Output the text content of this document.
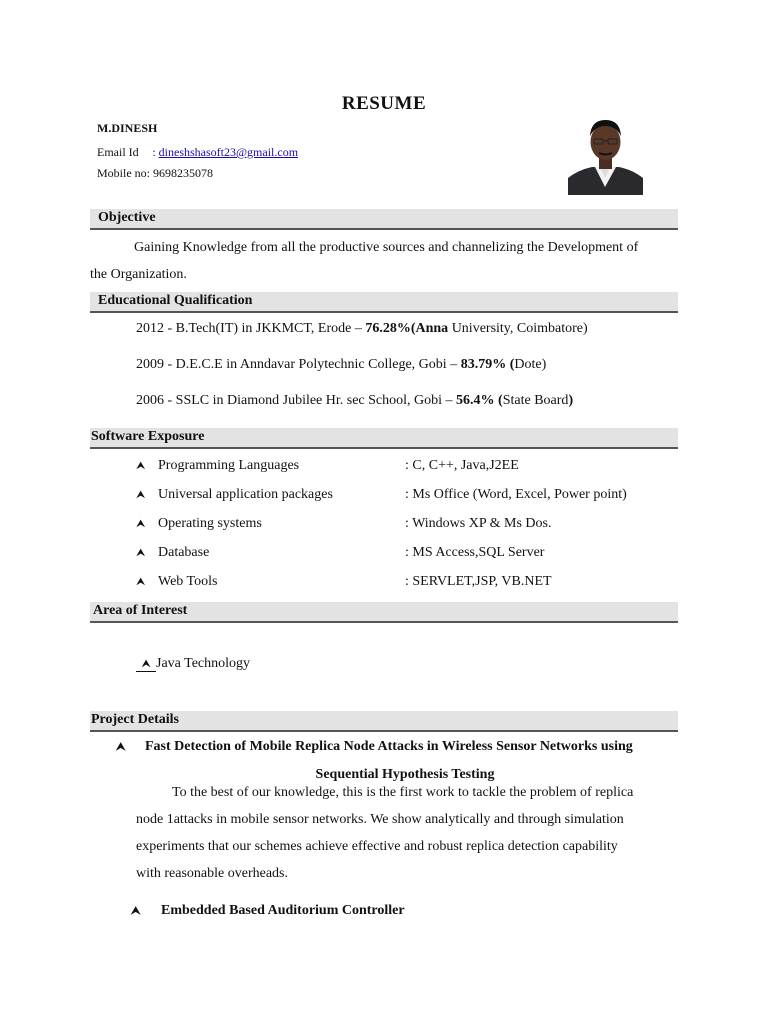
RESUME
M.DINESH
Email Id : dineshshasoft23@gmail.com
Mobile no: 9698235078
Objective
Gaining Knowledge from all the productive sources and channelizing the Development of
the Organization.
Educational Qualification
2012 - B.Tech(IT) in JKKMCT, Erode – 76.28%(Anna University, Coimbatore)
2009 - D.E.C.E in Anndavar Polytechnic College, Gobi – 83.79% (Dote)
2006 - SSLC in Diamond Jubilee Hr. sec School, Gobi – 56.4% (State Board)
Software Exposure
⮝ Programming Languages	: C, C++, Java,J2EE
⮝ Universal application packages	: Ms Office (Word, Excel, Power point)
⮝ Operating systems	: Windows XP & Ms Dos.
⮝ Database	: MS Access,SQL Server
⮝ Web Tools	: SERVLET,JSP, VB.NET
Area of Interest
⮝ Java Technology
Project Details
⮝ Fast Detection of Mobile Replica Node Attacks in Wireless Sensor Networks using
Sequential Hypothesis Testing
To the best of our knowledge, this is the first work to tackle the problem of replica
node 1attacks in mobile sensor networks. We show analytically and through simulation
experiments that our schemes achieve effective and robust replica detection capability
with reasonable overheads.
⮝ Embedded Based Auditorium Controller
